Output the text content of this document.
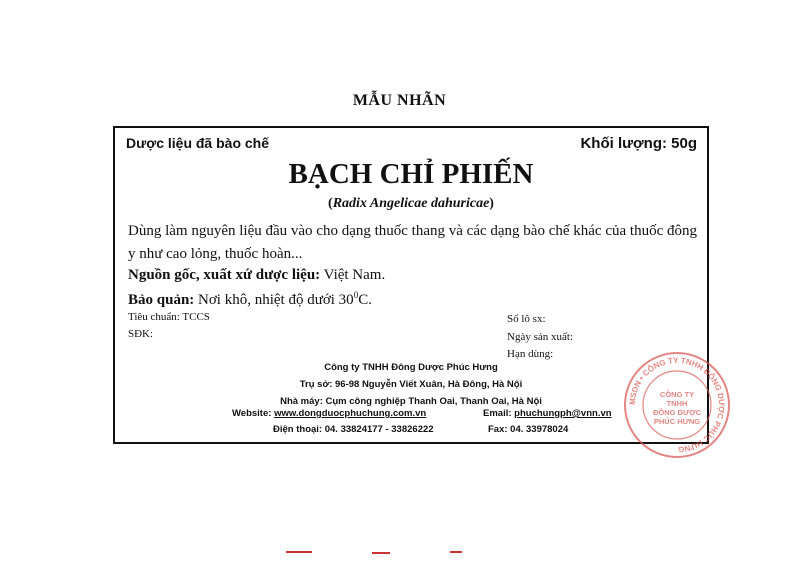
MẪU NHÃN
Dược liệu đã bào chế	Khối lượng: 50g
BẠCH CHỈ PHIẾN
(Radix Angelicae dahuricae)
Dùng làm nguyên liệu đầu vào cho dạng thuốc thang và các dạng bào chế khác của thuốc đông y như cao lỏng, thuốc hoàn...
Nguồn gốc, xuất xứ dược liệu: Việt Nam.
Bảo quản: Nơi khô, nhiệt độ dưới $30^0C$.
Tiêu chuẩn: TCCS
SĐK:
Số lô sx:
Ngày sản xuất:
Hạn dùng:
Công ty TNHH Đông Dược Phúc Hưng
Trụ sở: 96-98 Nguyễn Viết Xuân, Hà Đông, Hà Nội
Nhà máy: Cụm công nghiệp Thanh Oai, Thanh Oai, Hà Nội
Website: www.dongduocphuchung.com.vn	Email: phuchungph@vnn.vn
Điện thoại: 04. 33824177 - 33826222	Fax: 04. 33978024
MSDN • CÔNG TY TNHH ĐÔNG DƯỢC PHÚC HƯNG
CÔNG TY TNHH ĐÔNG DƯỢC PHÚC HƯNG
